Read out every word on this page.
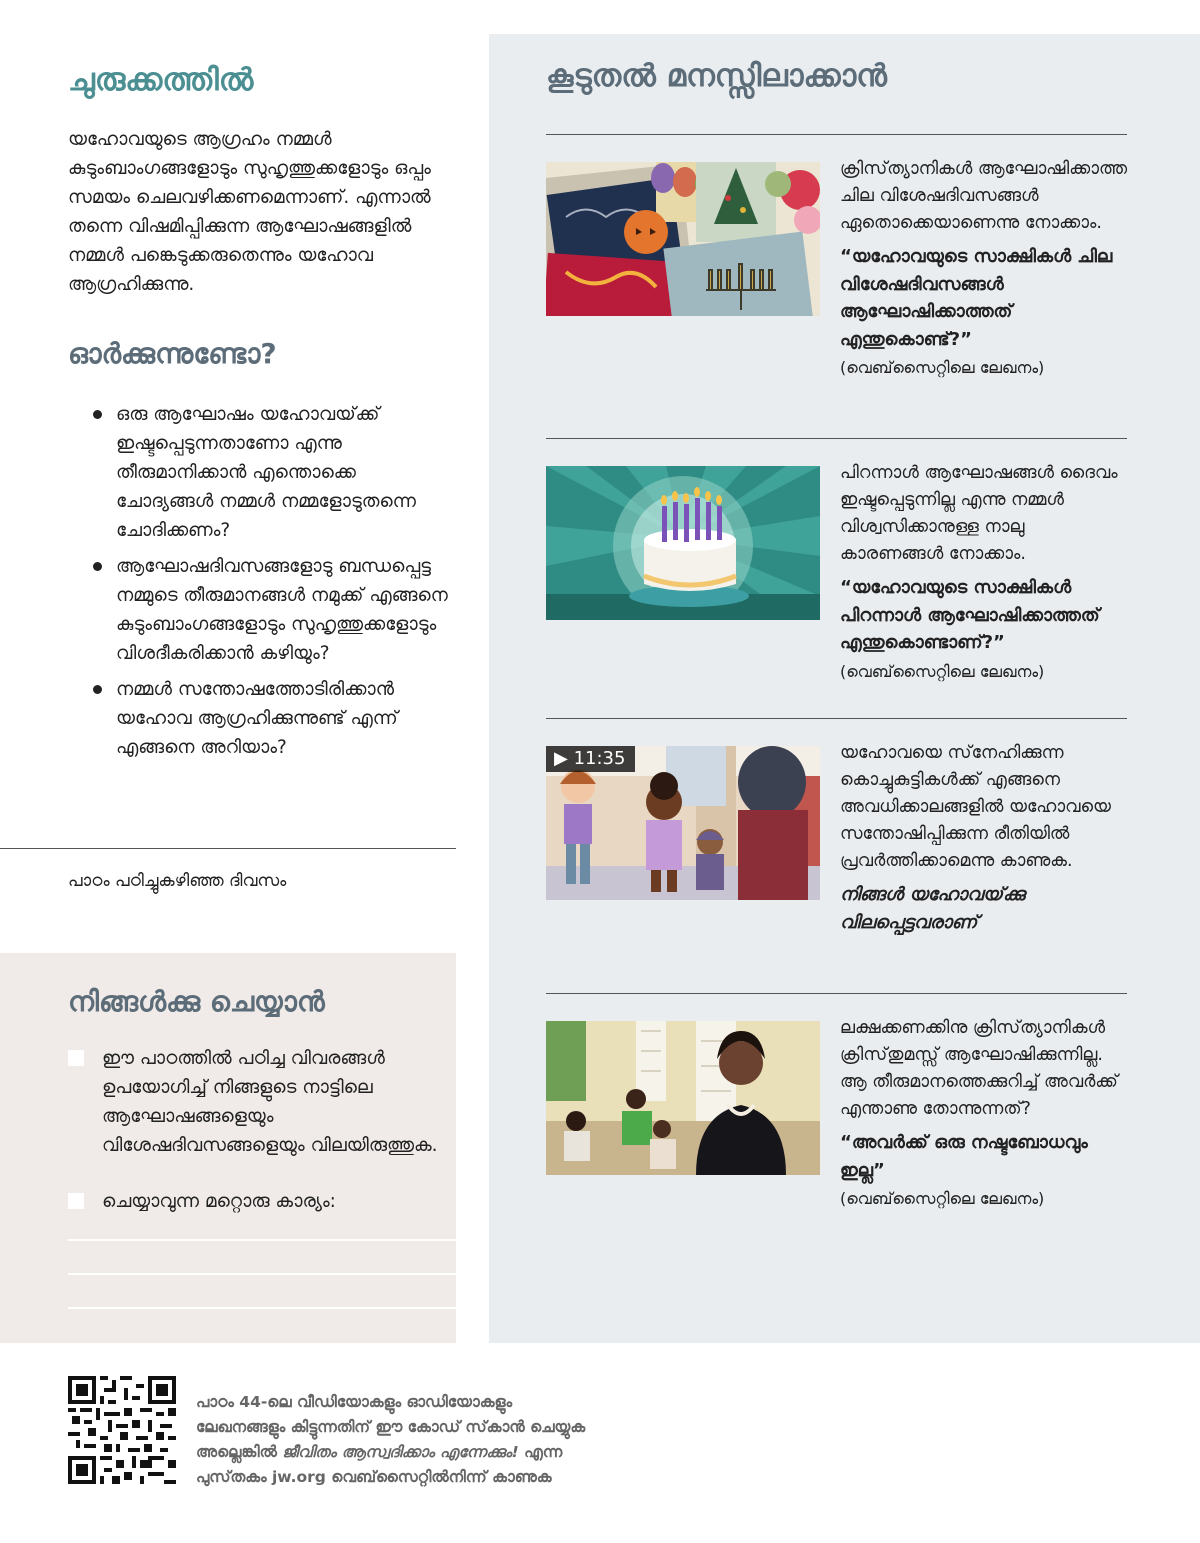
ചുരുക്കത്തിൽ

യഹോവയുടെ ആഗ്രഹം നമ്മൾ കുടുംബാംഗങ്ങളോടും സുഹൃത്തുക്കളോടും ഒപ്പം സമയം ചെലവഴിക്കണമെന്നാണ്. എന്നാൽ തന്നെ വിഷമിപ്പിക്കുന്ന ആഘോഷങ്ങളിൽ നമ്മൾ പങ്കെടുക്കരുതെന്നും യഹോവ ആഗ്രഹിക്കുന്നു.

ഓർക്കുന്നുണ്ടോ?
ഒരു ആഘോഷം യഹോവയ്‌ക്ക് ഇഷ്ടപ്പെടുന്നതാണോ എന്നു തീരുമാനിക്കാൻ എന്തൊക്കെ ചോദ്യങ്ങൾ നമ്മൾ നമ്മളോടുതന്നെ ചോദിക്കണം?
ആഘോഷദിവസങ്ങളോടു ബന്ധപ്പെട്ട നമ്മുടെ തീരുമാനങ്ങൾ നമുക്ക് എങ്ങനെ കുടുംബാംഗങ്ങളോടും സുഹൃത്തുക്കളോടും വിശദീകരിക്കാൻ കഴിയും?
നമ്മൾ സന്തോഷത്തോടിരിക്കാൻ യഹോവ ആഗ്രഹിക്കുന്നുണ്ട് എന്ന് എങ്ങനെ അറിയാം?
പാഠം പഠിച്ചുകഴിഞ്ഞ ദിവസം
നിങ്ങൾക്കു ചെയ്യാൻ
ഈ പാഠത്തിൽ പഠിച്ച വിവരങ്ങൾ ഉപയോഗിച്ച് നിങ്ങളുടെ നാട്ടിലെ ആഘോഷങ്ങളെയും വിശേഷദിവസങ്ങളെയും വിലയിരുത്തുക.
ചെയ്യാവുന്ന മറ്റൊരു കാര്യം:
കൂടുതൽ മനസ്സിലാക്കാൻ

ക്രിസ്‌ത്യാനികൾ ആഘോഷിക്കാത്ത ചില വിശേഷദിവസങ്ങൾ ഏതൊക്കെയാണെന്നു നോക്കാം.

“യഹോവയുടെ സാക്ഷികൾ ചില വിശേഷദിവസങ്ങൾ ആഘോഷിക്കാത്തത് എന്തുകൊണ്ട്?”

(വെബ്‌സൈറ്റിലെ ലേഖനം)

പിറന്നാൾ ആഘോഷങ്ങൾ ദൈവം ഇഷ്ടപ്പെടുന്നില്ല എന്നു നമ്മൾ വിശ്വസിക്കാനുള്ള നാലു കാരണങ്ങൾ നോക്കാം.

“യഹോവയുടെ സാക്ഷികൾ പിറന്നാൾ ആഘോഷിക്കാത്തത് എന്തുകൊണ്ടാണ്?”

(വെബ്‌സൈറ്റിലെ ലേഖനം)

▶ 11:35	യഹോവയെ സ്‌നേഹിക്കുന്ന കൊച്ചുകുട്ടികൾക്ക് എങ്ങനെ അവധിക്കാലങ്ങളിൽ യഹോവയെ സന്തോഷിപ്പിക്കുന്ന രീതിയിൽ പ്രവർത്തിക്കാമെന്നു കാണുക.

നിങ്ങൾ യഹോവയ്‌ക്കു വിലപ്പെട്ടവരാണ്

ലക്ഷക്കണക്കിനു ക്രിസ്‌ത്യാനികൾ ക്രിസ്‌തുമസ്സ് ആഘോഷിക്കുന്നില്ല. ആ തീരുമാനത്തെക്കുറിച്ച് അവർക്ക് എന്താണു തോന്നുന്നത്?

“അവർക്ക് ഒരു നഷ്ടബോധവും ഇല്ല”

(വെബ്‌സൈറ്റിലെ ലേഖനം)

പാഠം 44-ലെ വീഡിയോകളും ഓഡിയോകളും
ലേഖനങ്ങളും കിട്ടുന്നതിന് ഈ കോഡ് സ്‌കാൻ ചെയ്യുക
അല്ലെങ്കിൽ ജീവിതം ആസ്വദിക്കാം എന്നേക്കും! എന്ന
പുസ്‌തകം jw.org വെബ്‌സൈറ്റിൽനിന്ന് കാണുക
